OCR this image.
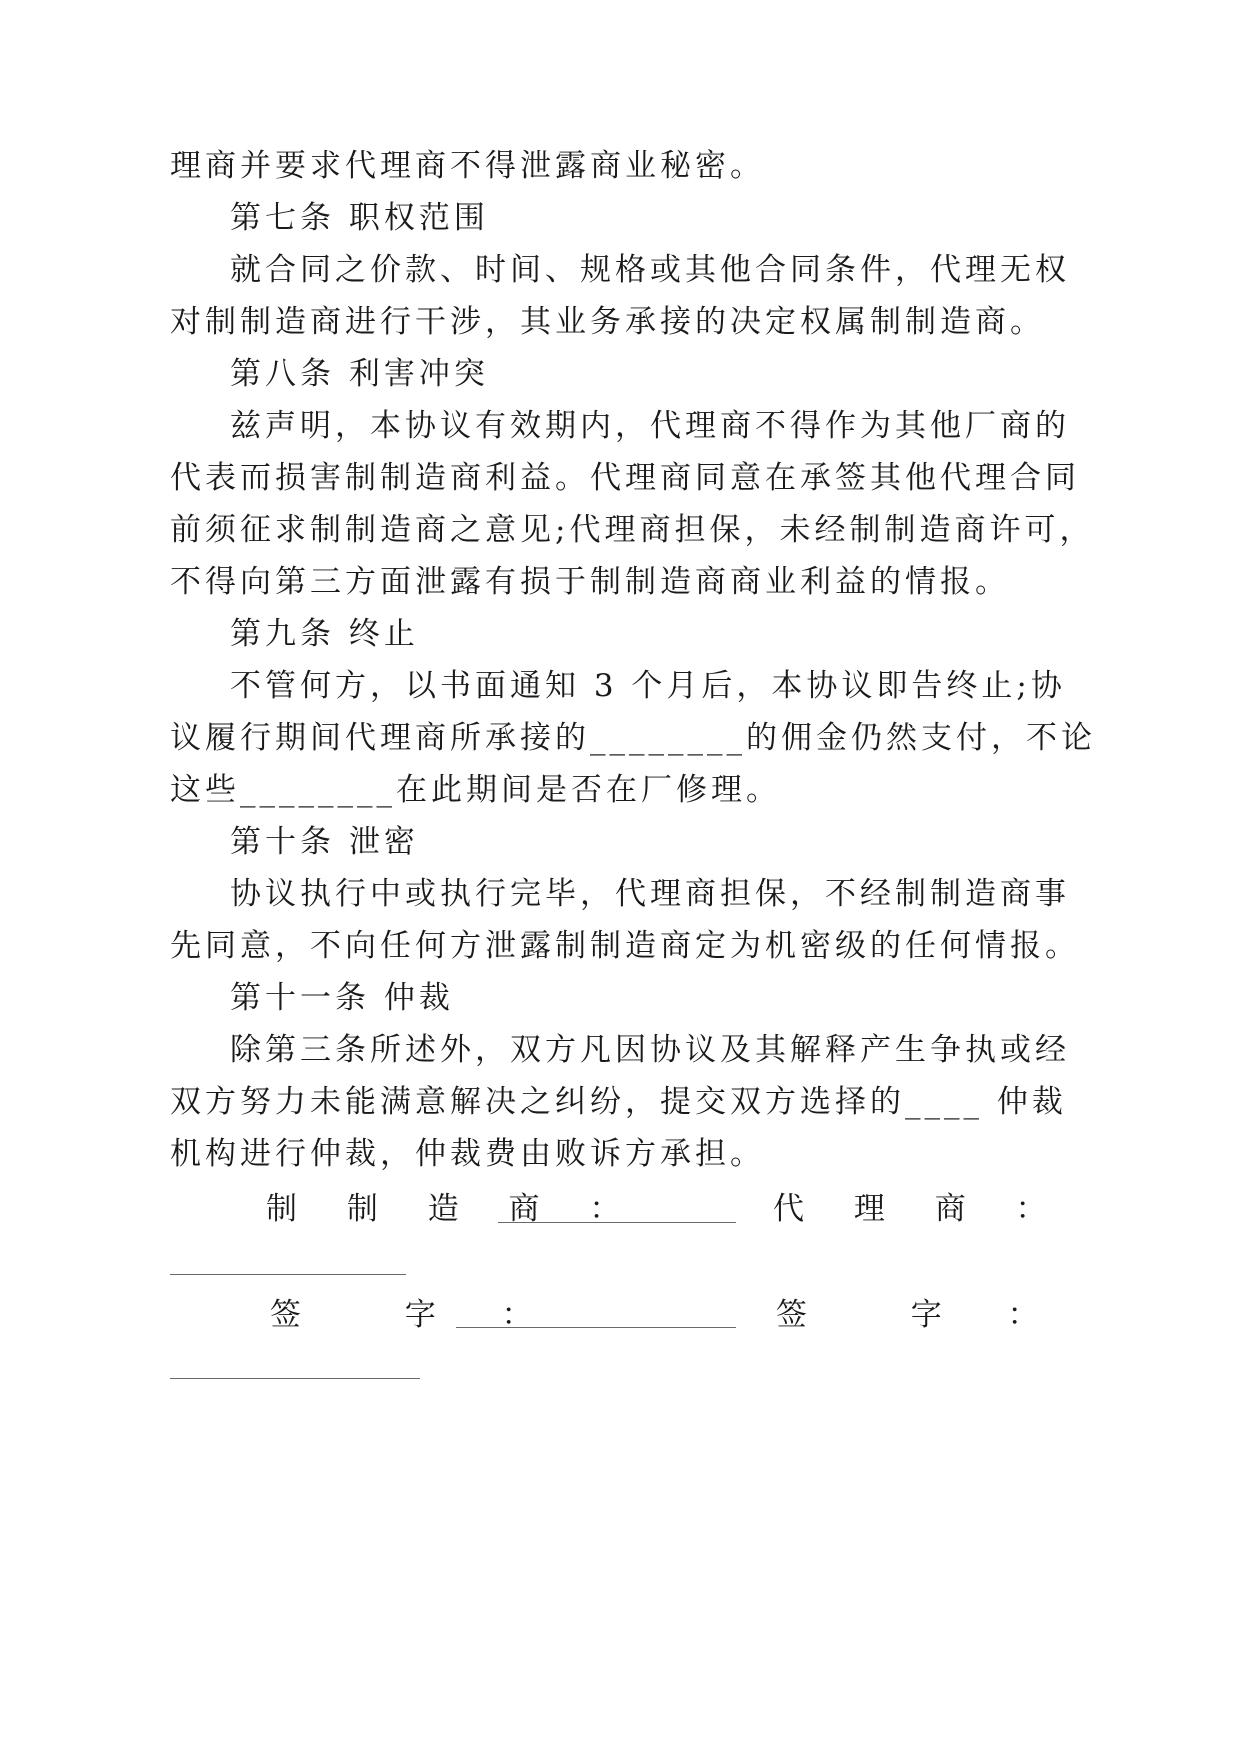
理商并要求代理商不得泄露商业秘密。
第七条 职权范围
就合同之价款、时间、规格或其他合同条件，代理无权
对制制造商进行干涉，其业务承接的决定权属制制造商。
第八条 利害冲突
兹声明，本协议有效期内，代理商不得作为其他厂商的
代表而损害制制造商利益。代理商同意在承签其他代理合同
前须征求制制造商之意见;代理商担保，未经制制造商许可，
不得向第三方面泄露有损于制制造商商业利益的情报。
第九条 终止
不管何方，以书面通知 3 个月后，本协议即告终止;协
议履行期间代理商所承接的________的佣金仍然支付，不论
这些________在此期间是否在厂修理。
第十条 泄密
协议执行中或执行完毕，代理商担保，不经制制造商事
先同意，不向任何方泄露制制造商定为机密级的任何情报。
第十一条 仲裁
除第三条所述外，双方凡因协议及其解释产生争执或经
双方努力未能满意解决之纠纷，提交双方选择的____ 仲裁
机构进行仲裁，仲裁费由败诉方承担。
制 制 造 商 ：	代 理 商 ：
签  字 ：	签  字 ：
